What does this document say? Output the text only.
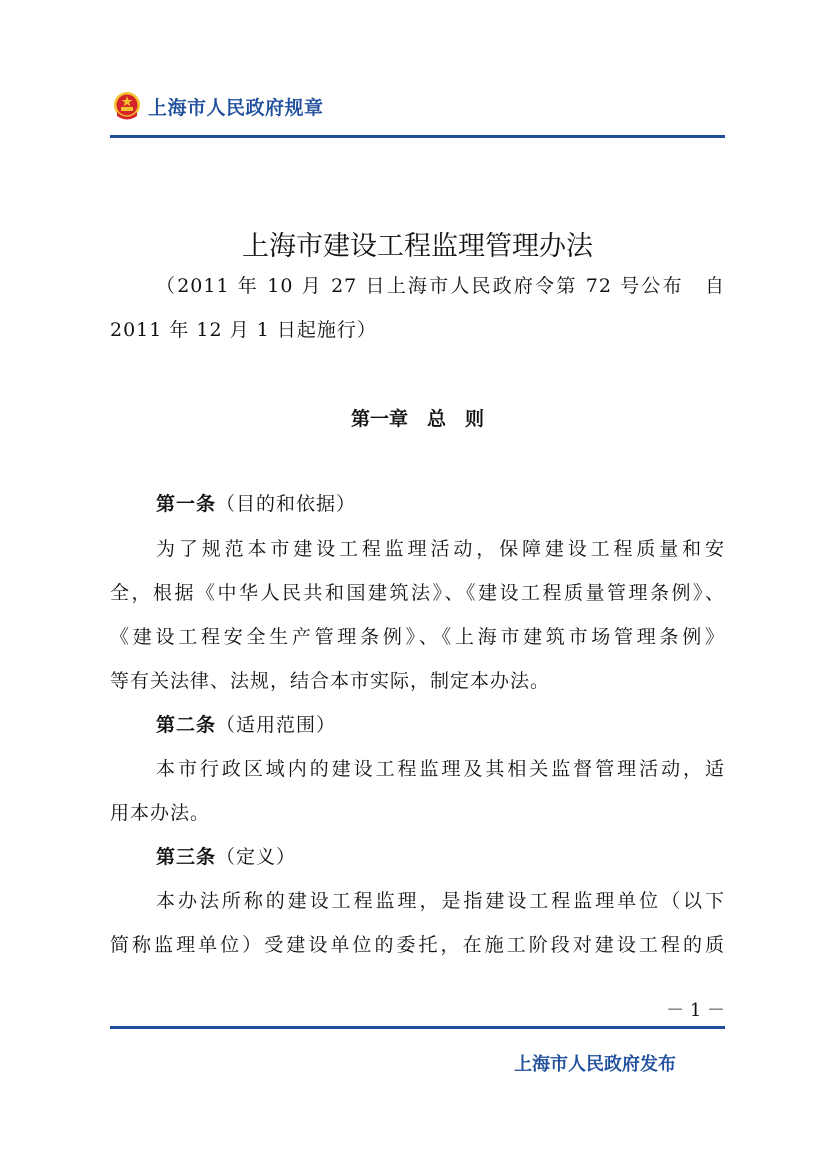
上海市人民政府规章
上海市建设工程监理管理办法
（2011 年 10 月 27 日上海市人民政府令第 72 号公布　自
2011 年 12 月 1 日起施行）
第一章　总　则
第一条（目的和依据）
为了规范本市建设工程监理活动，保障建设工程质量和安
全，根据《中华人民共和国建筑法》、《建设工程质量管理条例》、
《建设工程安全生产管理条例》、《上海市建筑市场管理条例》
等有关法律、法规，结合本市实际，制定本办法。
第二条（适用范围）
本市行政区域内的建设工程监理及其相关监督管理活动，适
用本办法。
第三条（定义）
本办法所称的建设工程监理，是指建设工程监理单位（以下
简称监理单位）受建设单位的委托，在施工阶段对建设工程的质
－ 1 －
上海市人民政府发布
